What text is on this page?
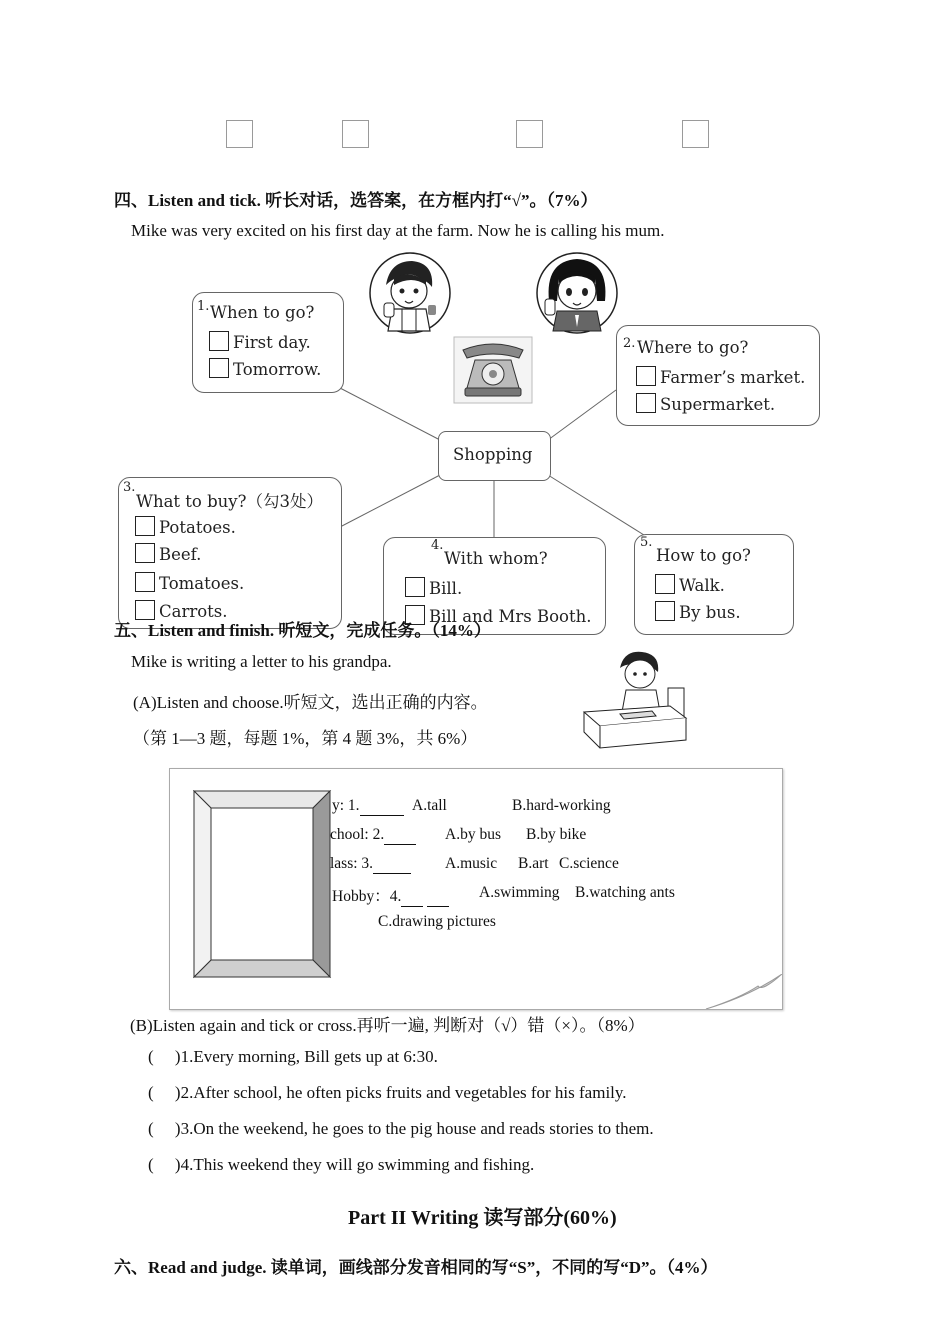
四、Listen and tick. 听长对话，选答案，在方框内打“√”。（7%）
Mike was very excited on his first day at the farm. Now he is calling his mum.
Shopping
1. When to go?
First day.
Tomorrow.
2. Where to go?
Farmer’s market.
Supermarket.
3.
What to buy?（勾3处）
Potatoes.
Beef.
Tomatoes.
Carrots.
4.
With whom?
Bill.
Bill and Mrs Booth.
5.
How to go?
Walk.
By bus.
五、Listen and finish. 听短文，完成任务。（14%）
Mike is writing a letter to his grandpa.
(A)Listen and choose.听短文，选出正确的内容。
（第 1—3 题，每题 1%，第 4 题 3%，共 6%）
y: 1.	A.tall	B.hard-working
chool: 2.	A.by bus B.by bike
lass: 3.	A.music B.art C.science
Hobby：4.	A.swimming B.watching ants
C.drawing pictures
(B)Listen again and tick or cross.再听一遍, 判断对（√）错（×）。（8%）
(     )1.Every morning, Bill gets up at 6:30.
(     )2.After school, he often picks fruits and vegetables for his family.
(     )3.On the weekend, he goes to the pig house and reads stories to them.
(     )4.This weekend they will go swimming and fishing.
Part II Writing 读写部分(60%)
六、Read and judge. 读单词，画线部分发音相同的写“S”，不同的写“D”。（4%）
